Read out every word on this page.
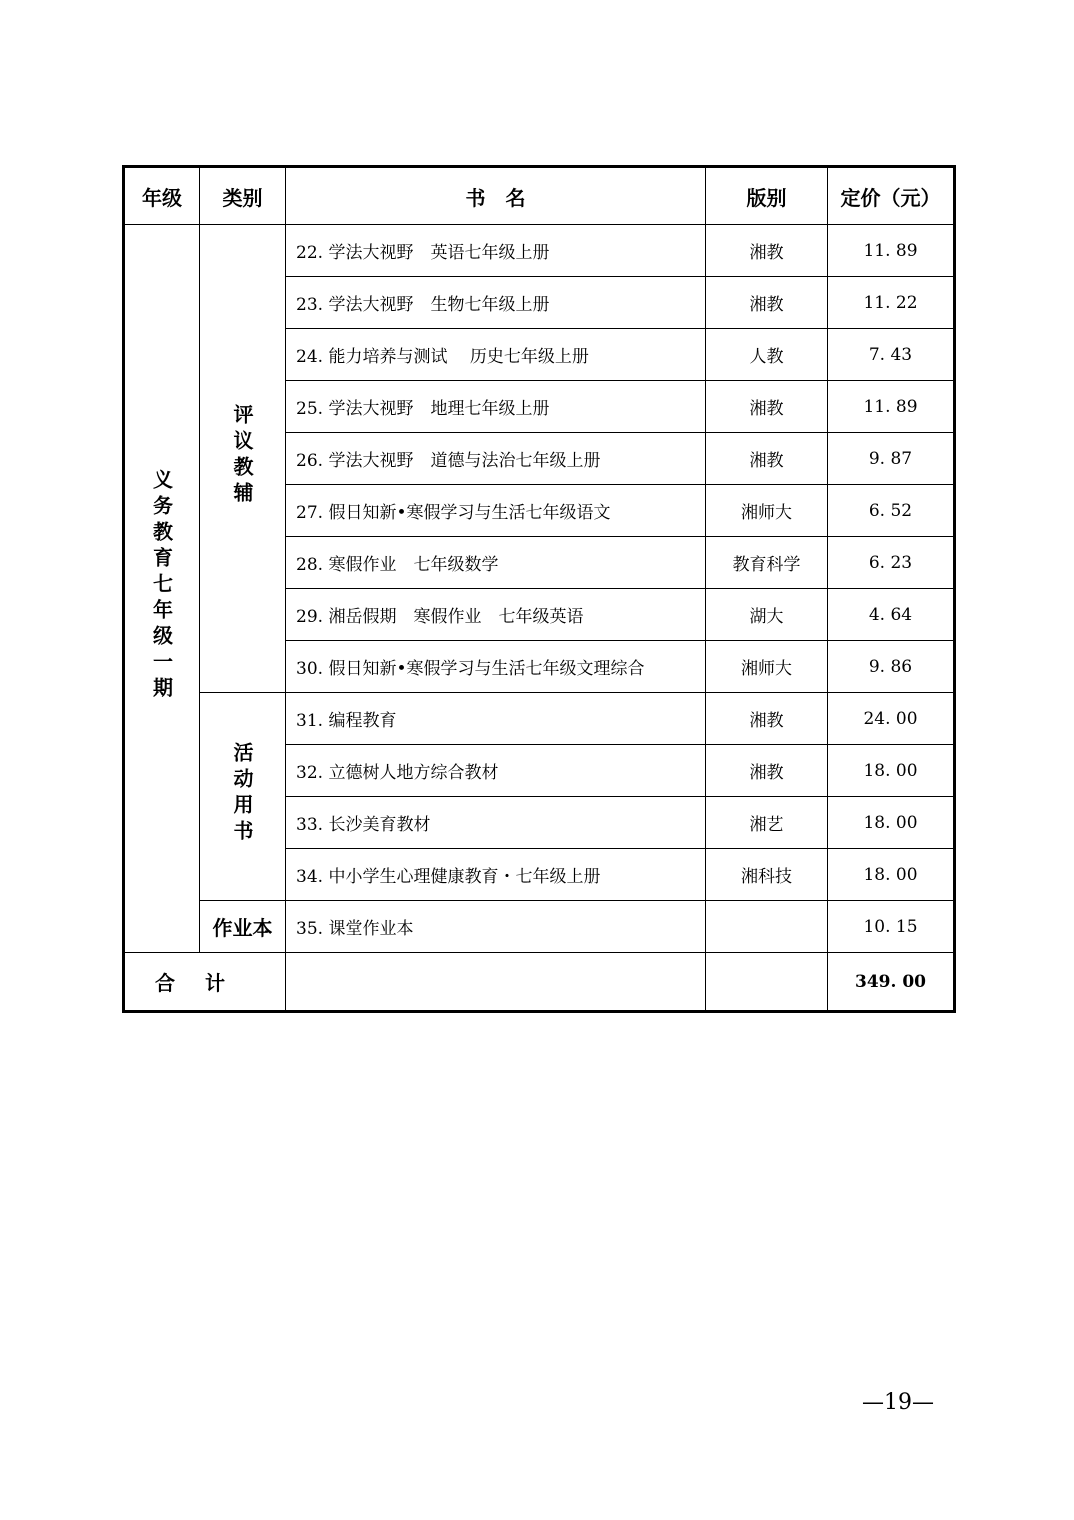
年级	类别	书　名	版别	定价（元）
义务教育七年级一期	评议教辅	22. 学法大视野　英语七年级上册	湘教	11. 89
		23. 学法大视野　生物七年级上册	湘教	11. 22
		24. 能力培养与测试　 历史七年级上册	人教	7. 43
		25. 学法大视野　地理七年级上册	湘教	11. 89
		26. 学法大视野　道德与法治七年级上册	湘教	9. 87
		27. 假日知新•寒假学习与生活七年级语文	湘师大	6. 52
		28. 寒假作业　七年级数学	教育科学	6. 23
		29. 湘岳假期　寒假作业　七年级英语	湖大	4. 64
		30. 假日知新•寒假学习与生活七年级文理综合	湘师大	9. 86
	活动用书	31. 编程教育	湘教	24. 00
		32. 立德树人地方综合教材	湘教	18. 00
		33. 长沙美育教材	湘艺	18. 00
		34. 中小学生心理健康教育・七年级上册	湘科技	18. 00
	作业本	35. 课堂作业本		10. 15
合计				349. 00
—19—
